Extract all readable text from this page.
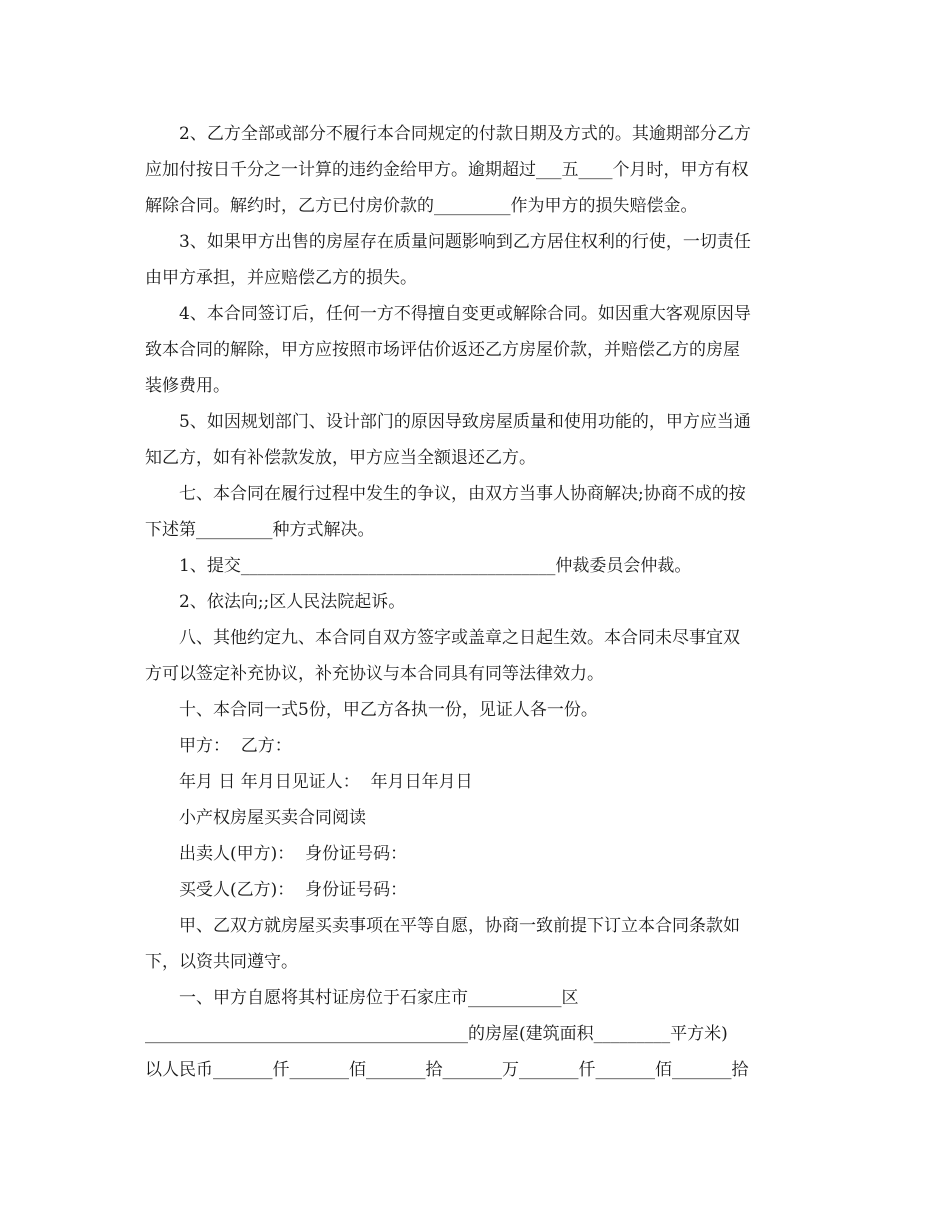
2、乙方全部或部分不履行本合同规定的付款日期及方式的。其逾期部分乙方

应加付按日千分之一计算的违约金给甲方。逾期超过___五____个月时，甲方有权

解除合同。解约时，乙方已付房价款的_________作为甲方的损失赔偿金。

3、如果甲方出售的房屋存在质量问题影响到乙方居住权利的行使，一切责任

由甲方承担，并应赔偿乙方的损失。

4、本合同签订后，任何一方不得擅自变更或解除合同。如因重大客观原因导

致本合同的解除，甲方应按照市场评估价返还乙方房屋价款，并赔偿乙方的房屋

装修费用。

5、如因规划部门、设计部门的原因导致房屋质量和使用功能的，甲方应当通

知乙方，如有补偿款发放，甲方应当全额退还乙方。

七、本合同在履行过程中发生的争议，由双方当事人协商解决;协商不成的按

下述第_________种方式解决。

1、提交_____________________________________仲裁委员会仲裁。

2、依法向;;区人民法院起诉。

八、其他约定九、本合同自双方签字或盖章之日起生效。本合同未尽事宜双

方可以签定补充协议，补充协议与本合同具有同等法律效力。

十、本合同一式5份，甲乙方各执一份，见证人各一份。

甲方：  乙方：

年月 日 年月日见证人：  年月日年月日

小产权房屋买卖合同阅读

出卖人(甲方)：  身份证号码：

买受人(乙方)：  身份证号码：

甲、乙双方就房屋买卖事项在平等自愿，协商一致前提下订立本合同条款如

下，以资共同遵守。

一、甲方自愿将其村证房位于石家庄市___________区

______________________________________的房屋(建筑面积_________平方米)

以人民币_______仟_______佰_______拾_______万_______仟_______佰_______拾
